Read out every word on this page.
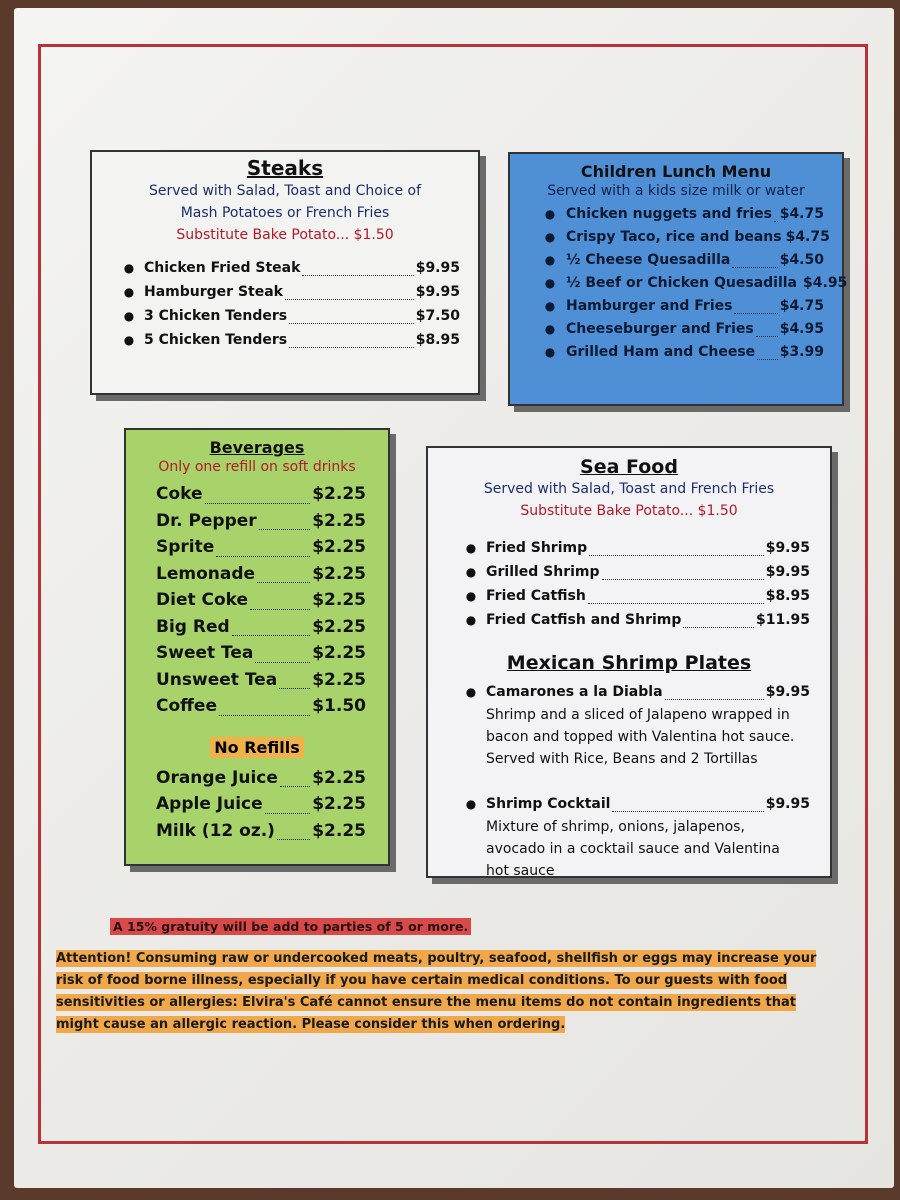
Steaks
Served with Salad, Toast and Choice of
Mash Potatoes or French Fries
Substitute Bake Potato... $1.50
● Chicken Fried Steak	$9.95
● Hamburger Steak	$9.95
● 3 Chicken Tenders	$7.50
● 5 Chicken Tenders	$8.95
Children Lunch Menu
Served with a kids size milk or water
● Chicken nuggets and fries $4.75
● Crispy Taco, rice and beans $4.75
● ½ Cheese Quesadilla	$4.50
● ½ Beef or Chicken Quesadilla $4.95
● Hamburger and Fries	$4.75
● Cheeseburger and Fries $4.95
● Grilled Ham and Cheese $3.99
Beverages
Only one refill on soft drinks
Coke	$2.25
Dr. Pepper	$2.25
Sprite	$2.25
Lemonade	$2.25
Diet Coke	$2.25
Big Red	$2.25
Sweet Tea	$2.25
Unsweet Tea $2.25
Coffee	$1.50
No Refills
Orange Juice $2.25
Apple Juice	$2.25
Milk (12 oz.) $2.25
Sea Food
Served with Salad, Toast and French Fries
Substitute Bake Potato... $1.50
● Fried Shrimp	$9.95
● Grilled Shrimp	$9.95
● Fried Catfish	$8.95
● Fried Catfish and Shrimp	$11.95
Mexican Shrimp Plates
● Camarones a la Diabla	$9.95
Shrimp and a sliced of Jalapeno wrapped in bacon and topped with Valentina hot sauce. Served with Rice, Beans and 2 Tortillas
● Shrimp Cocktail	$9.95
Mixture of shrimp, onions, jalapenos, avocado in a cocktail sauce and Valentina hot sauce
A 15% gratuity will be add to parties of 5 or more.
Attention! Consuming raw or undercooked meats, poultry, seafood, shellfish or eggs may increase your risk of food borne illness, especially if you have certain medical conditions. To our guests with food sensitivities or allergies: Elvira's Café cannot ensure the menu items do not contain ingredients that might cause an allergic reaction. Please consider this when ordering.
